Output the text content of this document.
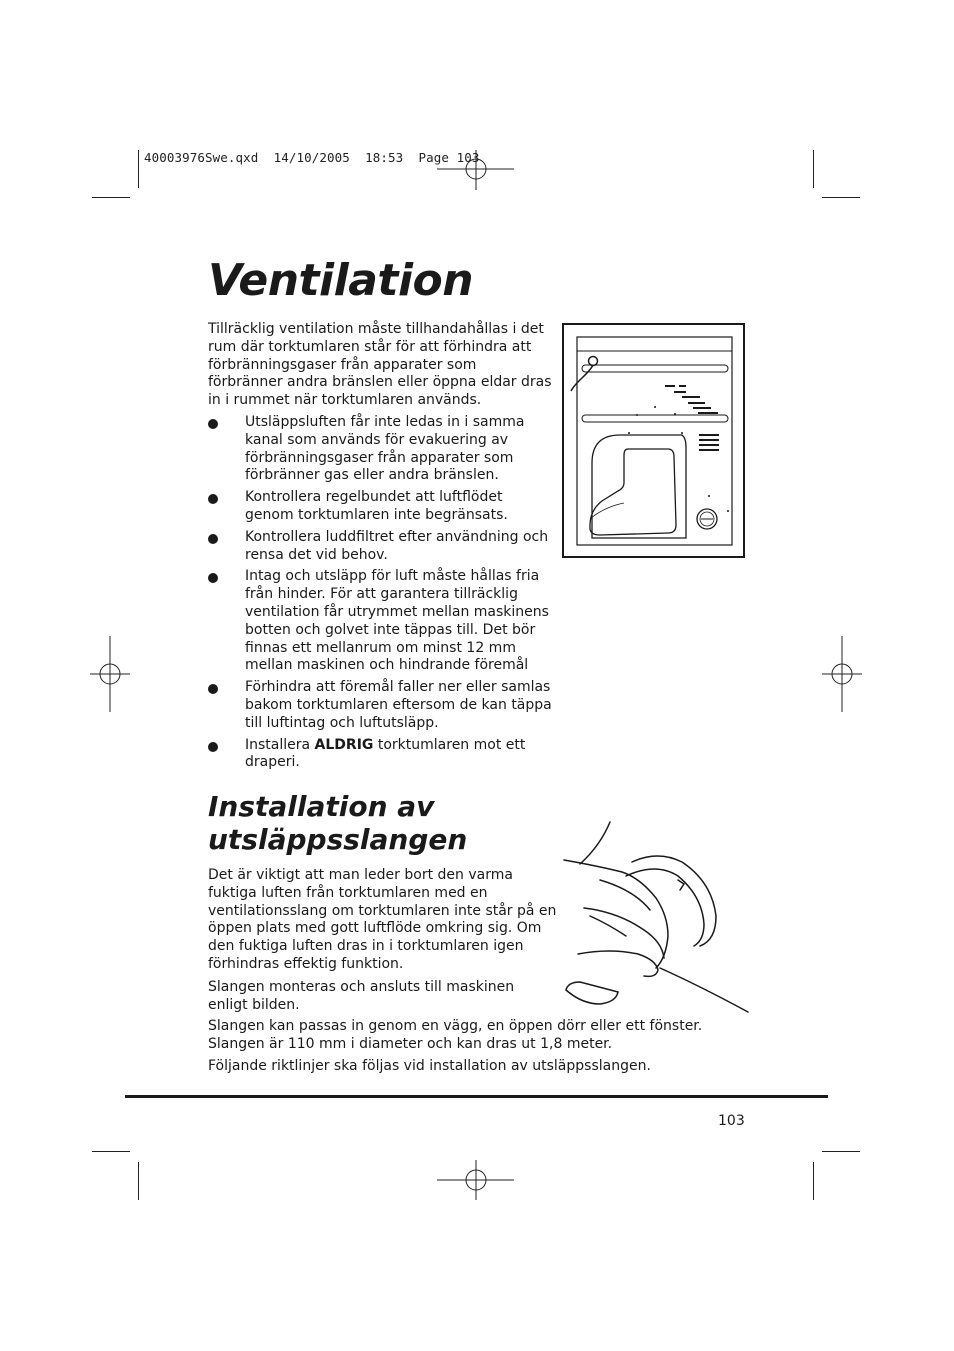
40003976Swe.qxd  14/10/2005  18:53  Page 103
Ventilation

Tillräcklig ventilation måste tillhandahållas i det rum där torktumlaren står för att förhindra att förbränningsgaser från apparater som förbränner andra bränslen eller öppna eldar dras in i rummet när torktumlaren används.

Utsläppsluften får inte ledas in i samma kanal som används för evakuering av förbränningsgaser från apparater som förbränner gas eller andra bränslen.
Kontrollera regelbundet att luftflödet genom torktumlaren inte begränsats.
Kontrollera luddfiltret efter användning och rensa det vid behov.
Intag och utsläpp för luft måste hållas fria från hinder. För att garantera tillräcklig ventilation får utrymmet mellan maskinens botten och golvet inte täppas till. Det bör finnas ett mellanrum om minst 12 mm mellan maskinen och hindrande föremål
Förhindra att föremål faller ner eller samlas bakom torktumlaren eftersom de kan täppa till luftintag och luftutsläpp.
Installera ALDRIG torktumlaren mot ett draperi.
Installation av utsläppsslangen

Det är viktigt att man leder bort den varma fuktiga luften från torktumlaren med en ventilationsslang om torktumlaren inte står på en öppen plats med gott luftflöde omkring sig. Om den fuktiga luften dras in i torktumlaren igen förhindras effektig funktion.

Slangen monteras och ansluts till maskinen enligt bilden.

Slangen kan passas in genom en vägg, en öppen dörr eller ett fönster. Slangen är 110 mm i diameter och kan dras ut 1,8 meter.

Följande riktlinjer ska följas vid installation av utsläppsslangen.

103
